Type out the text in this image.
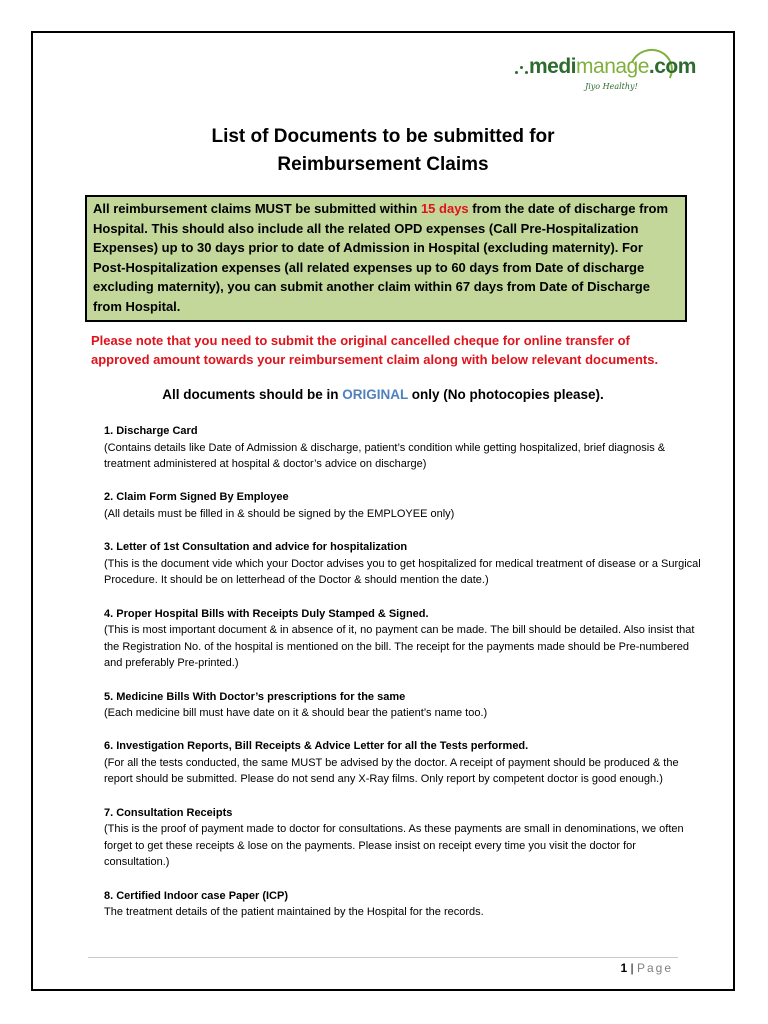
medimanage.com
Jiyo Healthy!
List of Documents to be submitted for
Reimbursement Claims
All reimbursement claims MUST be submitted within 15 days from the date of discharge from Hospital. This should also include all the related OPD expenses (Call Pre-Hospitalization Expenses) up to 30 days prior to date of Admission in Hospital (excluding maternity). For Post-Hospitalization expenses (all related expenses up to 60 days from Date of discharge excluding maternity), you can submit another claim within 67 days from Date of Discharge from Hospital.
Please note that you need to submit the original cancelled cheque for online transfer of approved amount towards your reimbursement claim along with below relevant documents.
All documents should be in ORIGINAL only (No photocopies please).
1. Discharge Card
(Contains details like Date of Admission & discharge, patient’s condition while getting hospitalized, brief diagnosis & treatment administered at hospital & doctor’s advice on discharge)
2. Claim Form Signed By Employee
(All details must be filled in & should be signed by the EMPLOYEE only)
3. Letter of 1st Consultation and advice for hospitalization
(This is the document vide which your Doctor advises you to get hospitalized for medical treatment of disease or a Surgical Procedure. It should be on letterhead of the Doctor & should mention the date.)
4. Proper Hospital Bills with Receipts Duly Stamped & Signed.
(This is most important document & in absence of it, no payment can be made. The bill should be detailed. Also insist that the Registration No. of the hospital is mentioned on the bill. The receipt for the payments made should be Pre-numbered and preferably Pre-printed.)
5. Medicine Bills With Doctor’s prescriptions for the same
(Each medicine bill must have date on it & should bear the patient’s name too.)
6. Investigation Reports, Bill Receipts & Advice Letter for all the Tests performed.
(For all the tests conducted, the same MUST be advised by the doctor. A receipt of payment should be produced & the report should be submitted. Please do not send any X-Ray films. Only report by competent doctor is good enough.)
7. Consultation Receipts
(This is the proof of payment made to doctor for consultations. As these payments are small in denominations, we often forget to get these receipts & lose on the payments. Please insist on receipt every time you visit the doctor for consultation.)
8. Certified Indoor case Paper (ICP)
The treatment details of the patient maintained by the Hospital for the records.
1 | Page
